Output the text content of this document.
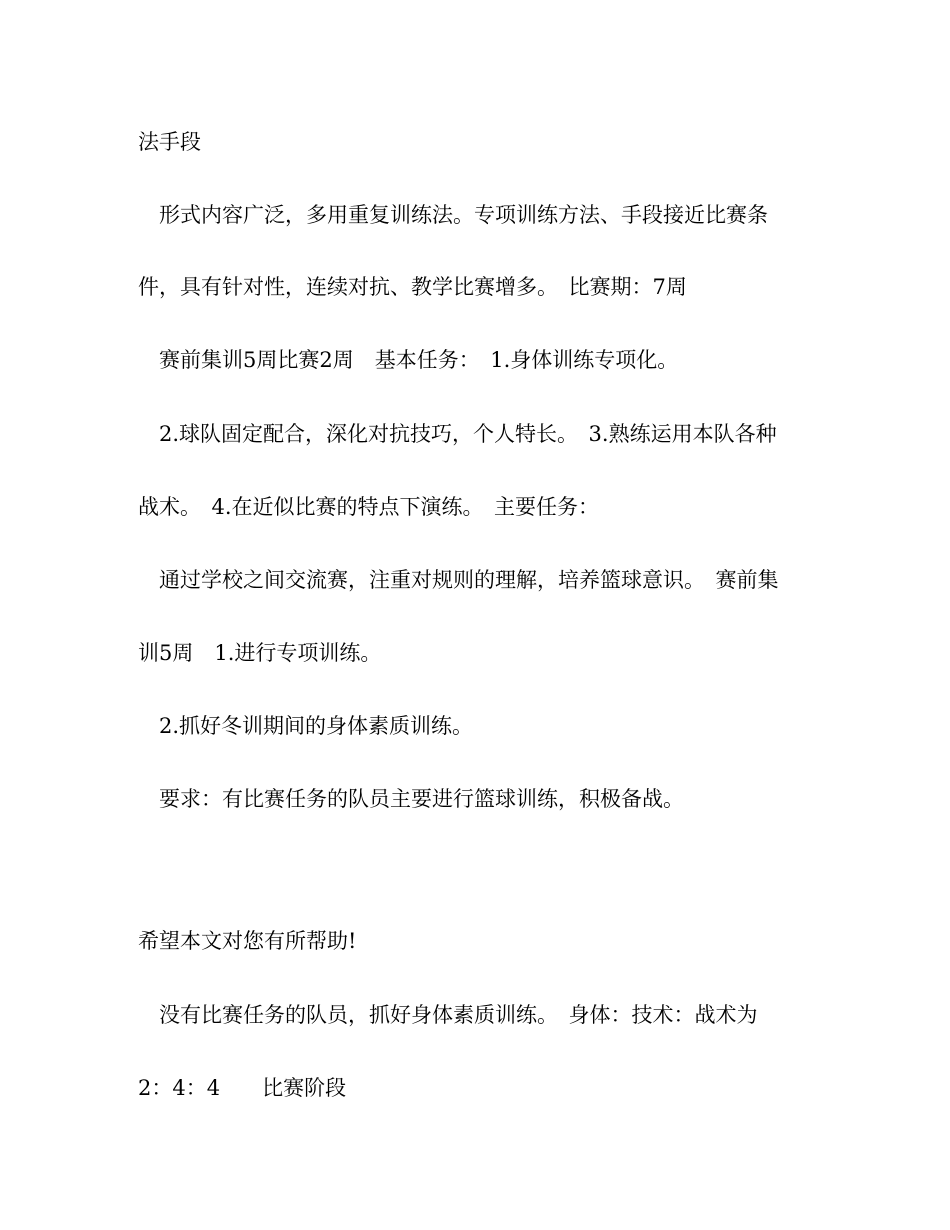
法手段
　形式内容广泛，多用重复训练法。专项训练方法、手段接近比赛条
件，具有针对性，连续对抗、教学比赛增多。　比赛期：7周
　赛前集训5周比赛2周　基本任务：　1.身体训练专项化。
　2.球队固定配合，深化对抗技巧，个人特长。　3.熟练运用本队各种
战术。　4.在近似比赛的特点下演练。　主要任务：
　通过学校之间交流赛，注重对规则的理解，培养篮球意识。　赛前集
训5周　1.进行专项训练。
　2.抓好冬训期间的身体素质训练。
　要求：有比赛任务的队员主要进行篮球训练，积极备战。
希望本文对您有所帮助!
　没有比赛任务的队员，抓好身体素质训练。　身体：技术：战术为
2：4：4　　比赛阶段
